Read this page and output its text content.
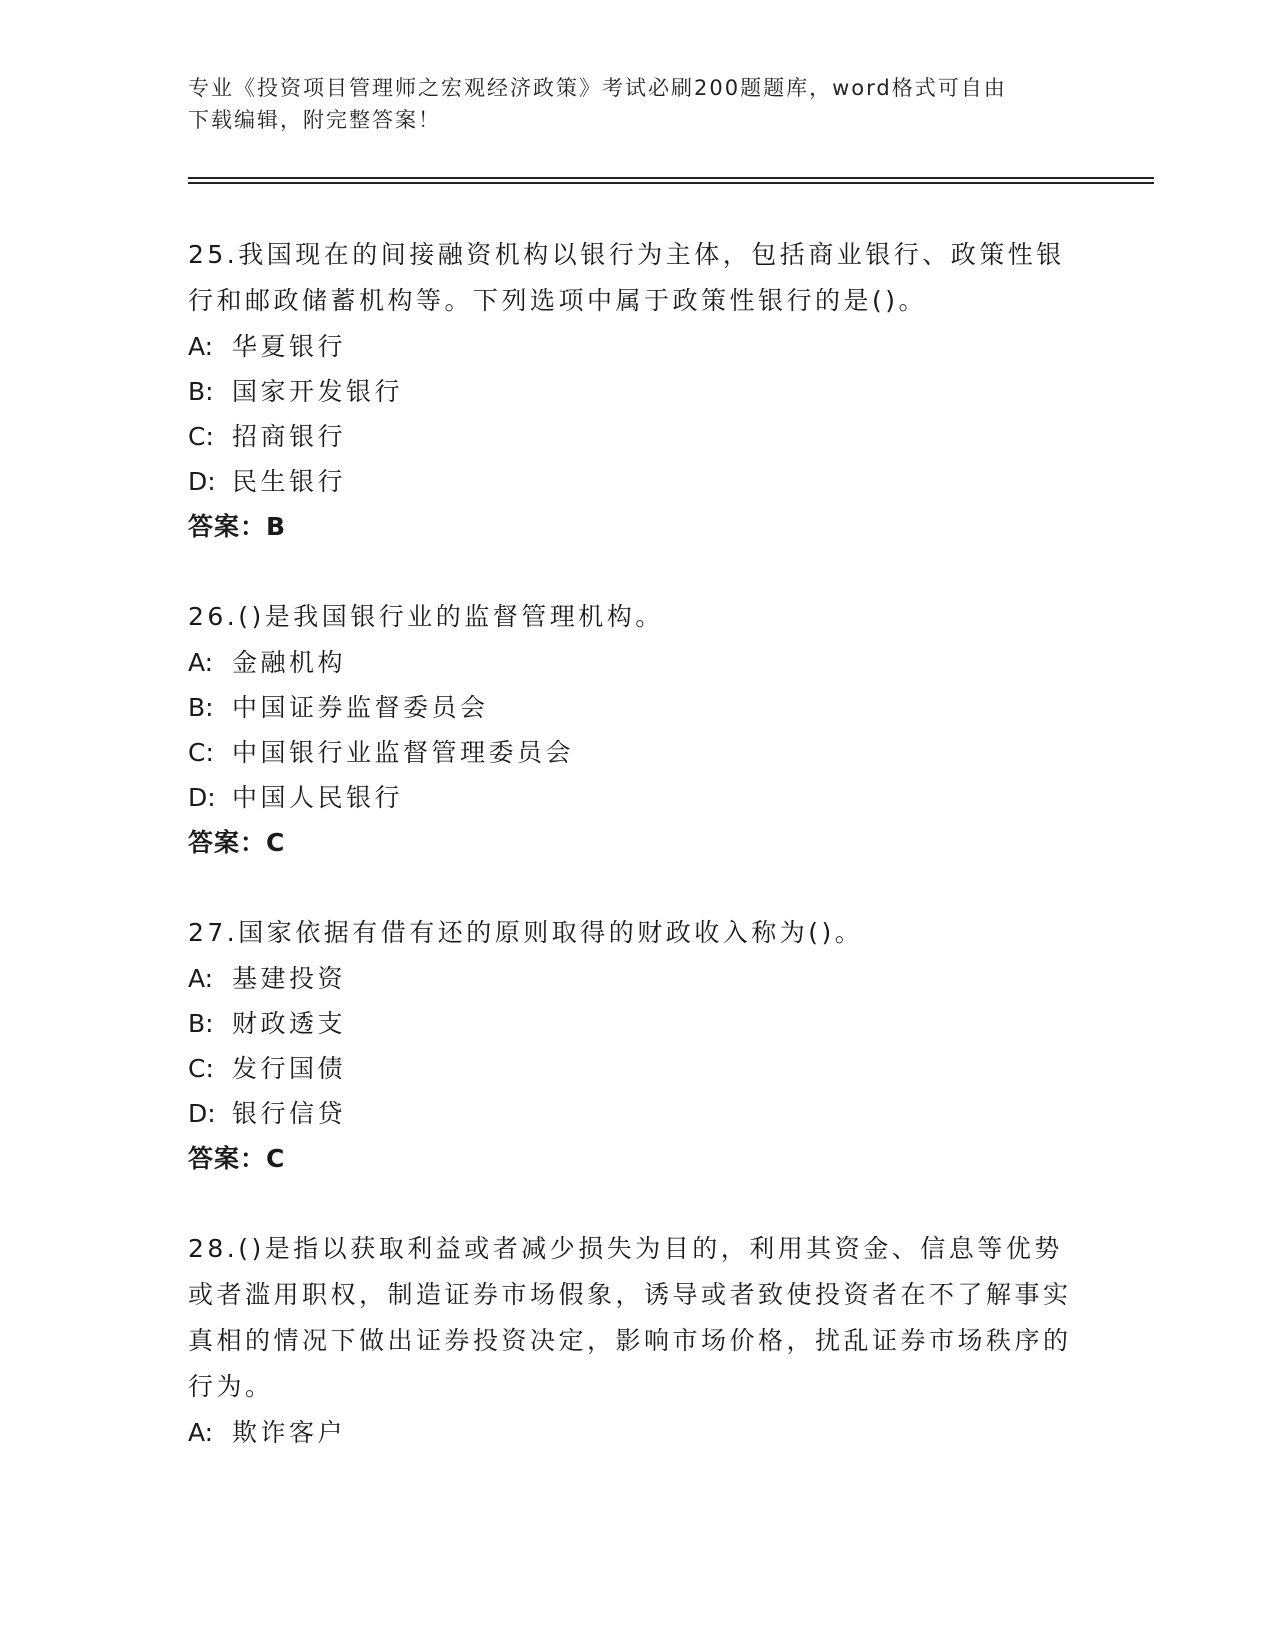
专业《投资项目管理师之宏观经济政策》考试必刷200题题库，word格式可自由
下载编辑，附完整答案！

25.我国现在的间接融资机构以银行为主体，包括商业银行、政策性银行和邮政储蓄机构等。下列选项中属于政策性银行的是()。

A: 华夏银行
B: 国家开发银行
C: 招商银行
D: 民生银行
答案：B

26.()是我国银行业的监督管理机构。

A: 金融机构
B: 中国证券监督委员会
C: 中国银行业监督管理委员会
D: 中国人民银行
答案：C

27.国家依据有借有还的原则取得的财政收入称为()。

A: 基建投资
B: 财政透支
C: 发行国债
D: 银行信贷
答案：C

28.()是指以获取利益或者减少损失为目的，利用其资金、信息等优势或者滥用职权，制造证券市场假象，诱导或者致使投资者在不了解事实真相的情况下做出证券投资决定，影响市场价格，扰乱证券市场秩序的行为。

A: 欺诈客户
